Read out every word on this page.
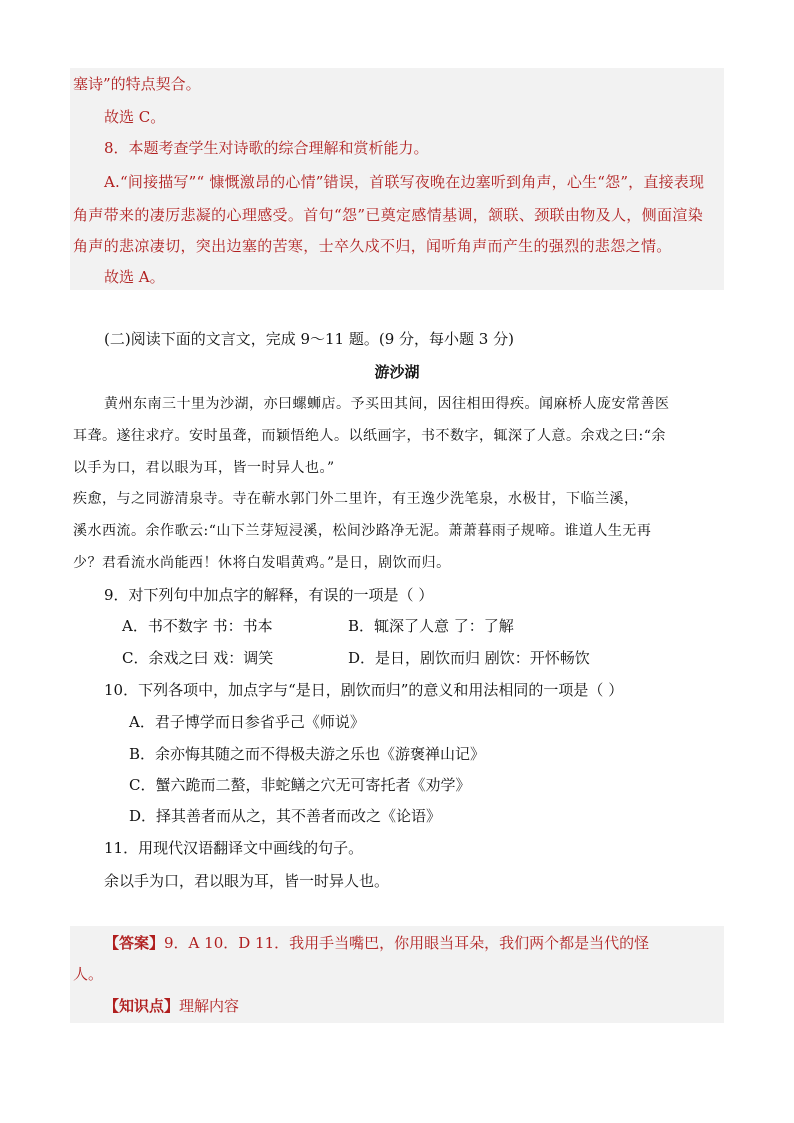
塞诗”的特点契合。
故选 C。
8．本题考查学生对诗歌的综合理解和赏析能力。
A.“间接描写”“ 慷慨激昂的心情”错误，首联写夜晚在边塞听到角声，心生“怨”，直接表现
角声带来的凄厉悲凝的心理感受。首句“怨”已奠定感情基调，颔联、颈联由物及人，侧面渲染
角声的悲凉凄切，突出边塞的苦寒，士卒久戍不归，闻听角声而产生的强烈的悲怨之情。
故选 A。
(二)阅读下面的文言文，完成 9～11 题。(9 分，每小题 3 分)
游沙湖
黄州东南三十里为沙湖，亦曰螺蛳店。予买田其间，因往相田得疾。闻麻桥人庞安常善医
耳聋。遂往求疗。安时虽聋，而颖悟绝人。以纸画字，书不数字，辄深了人意。余戏之曰:“余
以手为口，君以眼为耳，皆一时异人也。”
疾愈，与之同游清泉寺。寺在蕲水郭门外二里许，有王逸少洗笔泉，水极甘，下临兰溪，
溪水西流。余作歌云:“山下兰芽短浸溪，松间沙路净无泥。萧萧暮雨子规啼。谁道人生无再
少？君看流水尚能西！休将白发唱黄鸡。”是日，剧饮而归。
9．对下列句中加点字的解释，有误的一项是（ ）
A．书不数字 书：书本	B．辄深了人意 了：了解
C．余戏之曰 戏：调笑	D．是日，剧饮而归 剧饮：开怀畅饮
10．下列各项中，加点字与“是日，剧饮而归”的意义和用法相同的一项是（ ）
A．君子博学而日参省乎己《师说》
B．余亦悔其随之而不得极夫游之乐也《游褒禅山记》
C．蟹六跪而二螯，非蛇鳝之穴无可寄托者《劝学》
D．择其善者而从之，其不善者而改之《论语》
11．用现代汉语翻译文中画线的句子。
余以手为口，君以眼为耳，皆一时异人也。
【答案】9．A 10．D 11．我用手当嘴巴，你用眼当耳朵，我们两个都是当代的怪
人。
【知识点】理解内容
